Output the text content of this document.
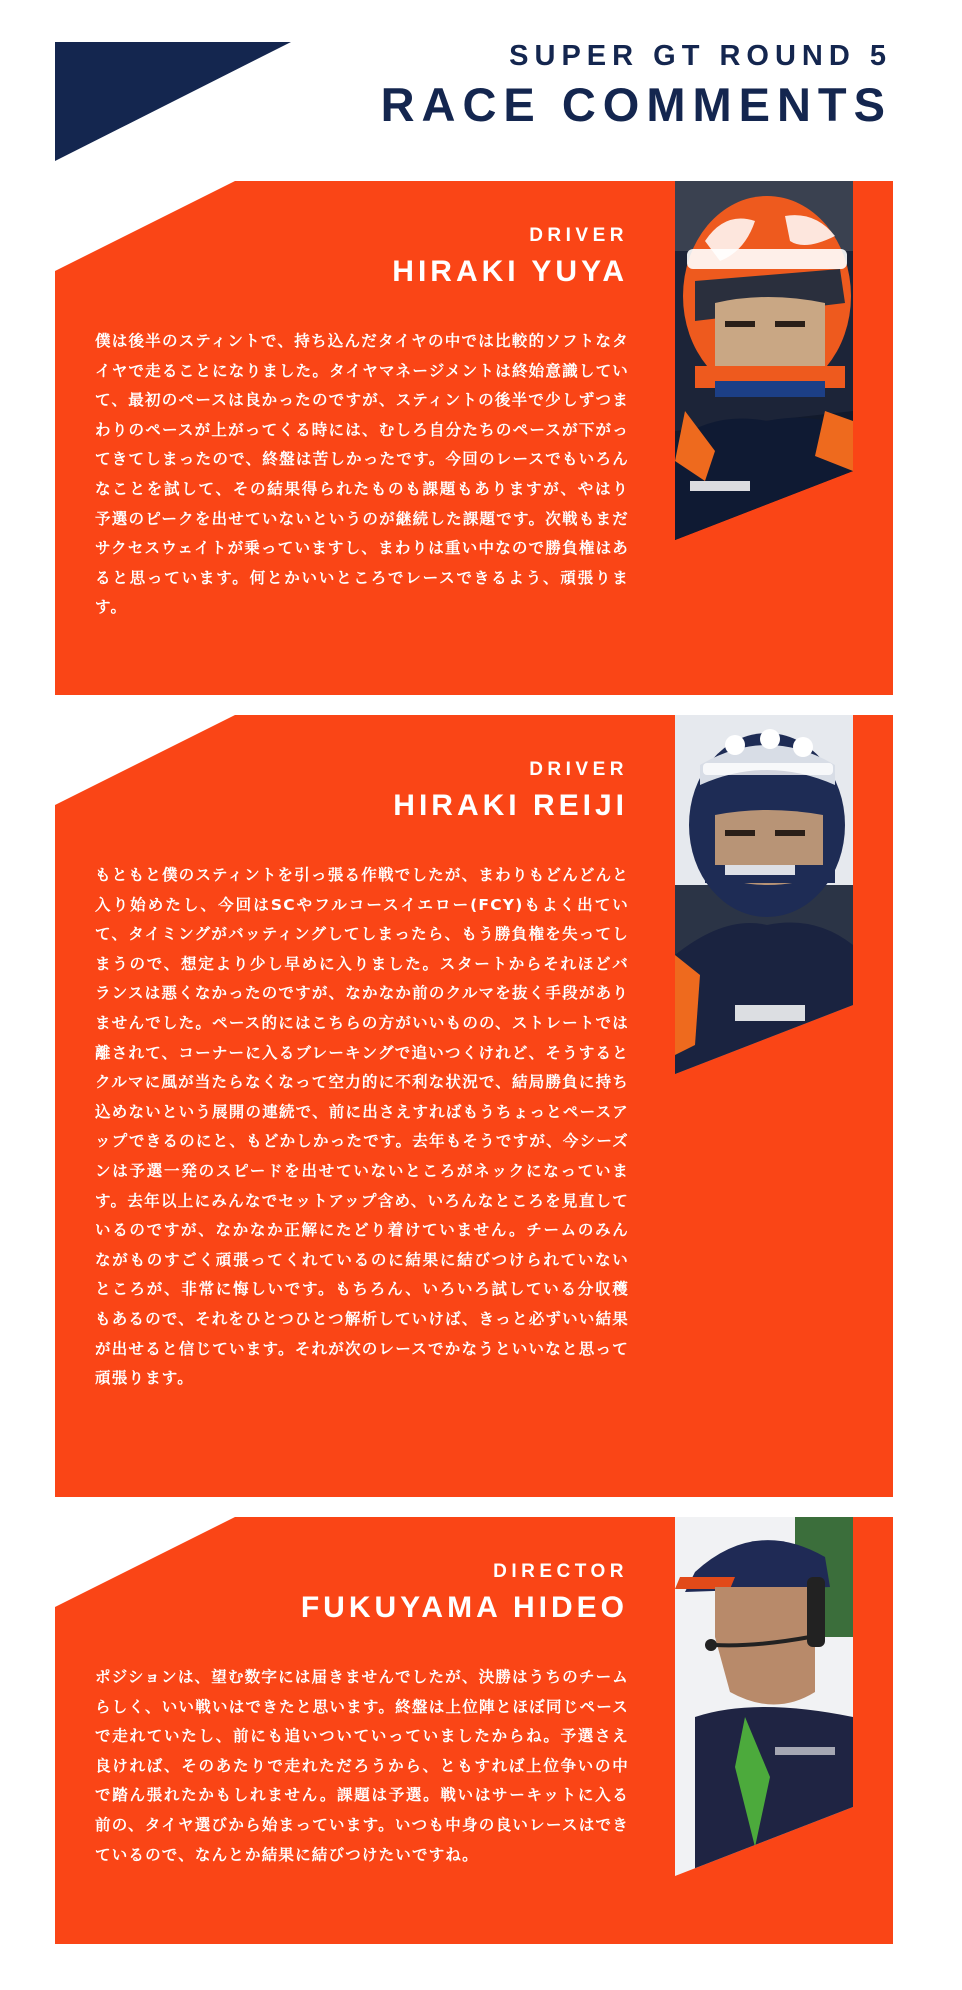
SUPER GT ROUND 5
RACE COMMENTS
DRIVER
HIRAKI YUYA

僕は後半のスティントで、持ち込んだタイヤの中では比較的ソフトなタイヤで走ることになりました。タイヤマネージメントは終始意識していて、最初のペースは良かったのですが、スティントの後半で少しずつまわりのペースが上がってくる時には、むしろ自分たちのペースが下がってきてしまったので、終盤は苦しかったです。今回のレースでもいろんなことを試して、その結果得られたものも課題もありますが、やはり予選のピークを出せていないというのが継続した課題です。次戦もまだサクセスウェイトが乗っていますし、まわりは重い中なので勝負権はあると思っています。何とかいいところでレースできるよう、頑張ります。

DRIVER
HIRAKI REIJI

もともと僕のスティントを引っ張る作戦でしたが、まわりもどんどんと入り始めたし、今回はSCやフルコースイエロー(FCY)もよく出ていて、タイミングがバッティングしてしまったら、もう勝負権を失ってしまうので、想定より少し早めに入りました。スタートからそれほどバランスは悪くなかったのですが、なかなか前のクルマを抜く手段がありませんでした。ペース的にはこちらの方がいいものの、ストレートでは離されて、コーナーに入るブレーキングで追いつくけれど、そうするとクルマに風が当たらなくなって空力的に不利な状況で、結局勝負に持ち込めないという展開の連続で、前に出さえすればもうちょっとペースアップできるのにと、もどかしかったです。去年もそうですが、今シーズンは予選一発のスピードを出せていないところがネックになっています。去年以上にみんなでセットアップ含め、いろんなところを見直しているのですが、なかなか正解にたどり着けていません。チームのみんながものすごく頑張ってくれているのに結果に結びつけられていないところが、非常に悔しいです。もちろん、いろいろ試している分収穫もあるので、それをひとつひとつ解析していけば、きっと必ずいい結果が出せると信じています。それが次のレースでかなうといいなと思って頑張ります。

DIRECTOR
FUKUYAMA HIDEO

ポジションは、望む数字には届きませんでしたが、決勝はうちのチームらしく、いい戦いはできたと思います。終盤は上位陣とほぼ同じペースで走れていたし、前にも追いついていっていましたからね。予選さえ良ければ、そのあたりで走れただろうから、ともすれば上位争いの中で踏ん張れたかもしれません。課題は予選。戦いはサーキットに入る前の、タイヤ選びから始まっています。いつも中身の良いレースはできているので、なんとか結果に結びつけたいですね。
